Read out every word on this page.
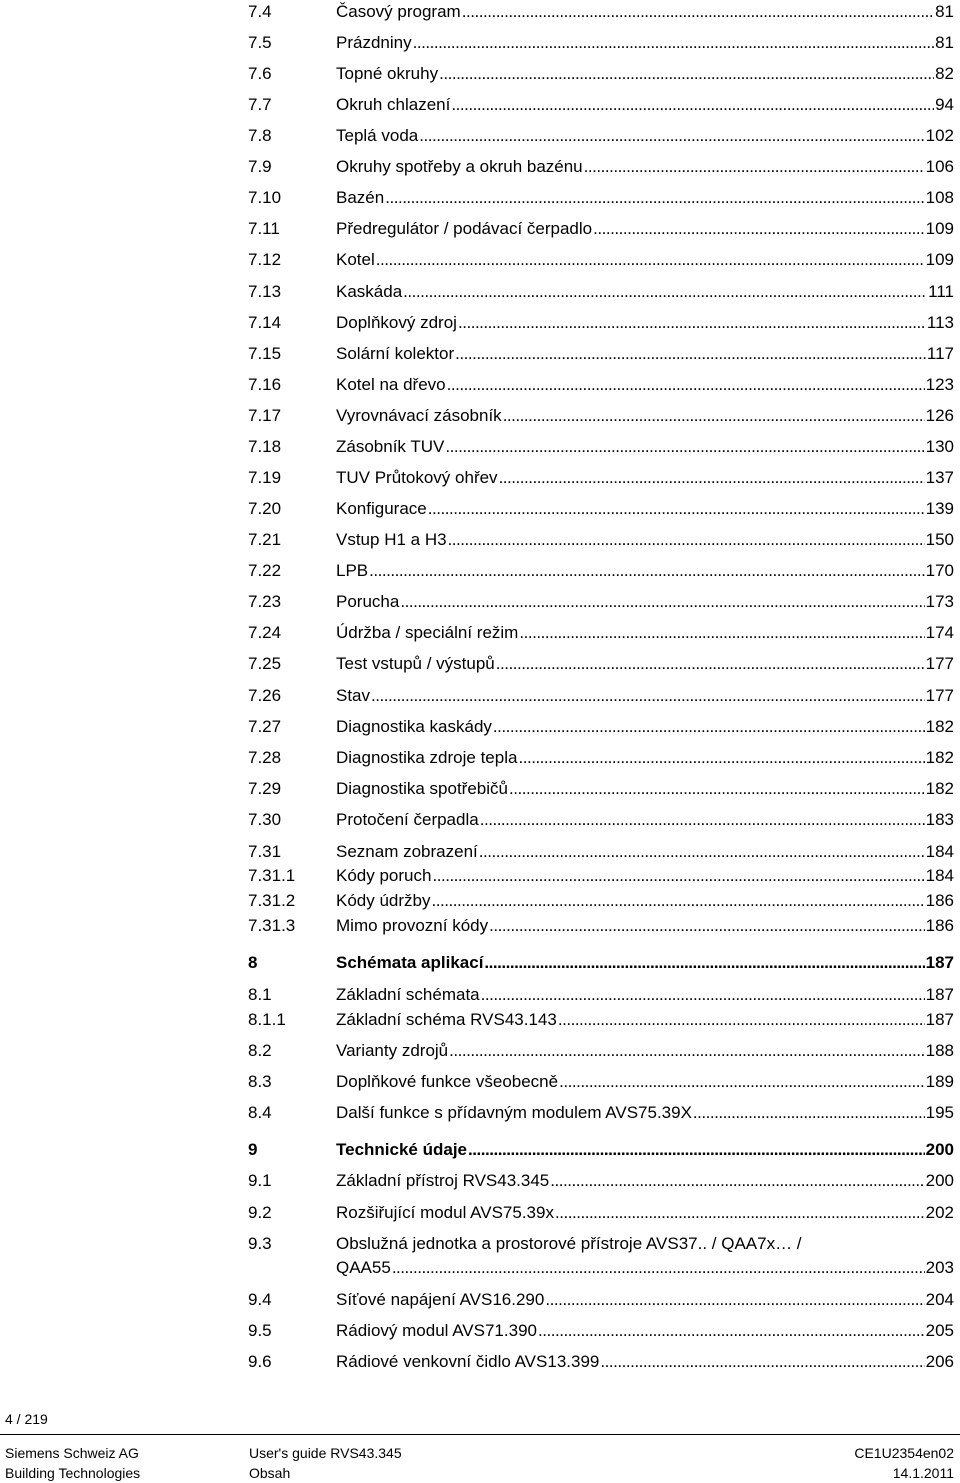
7.4	Časový program . . .	81
7.5	Prázdniny . . .	81
7.6	Topné okruhy . . .	82
7.7	Okruh chlazení . . .	94
7.8	Teplá voda . . .	102
7.9	Okruhy spotřeby a okruh bazénu . . .	106
7.10	Bazén . . .	108
7.11	Předregulátor / podávací čerpadlo . . .	109
7.12	Kotel . . .	109
7.13	Kaskáda . . .	111
7.14	Doplňkový zdroj . . .	113
7.15	Solární kolektor . . .	117
7.16	Kotel na dřevo . . .	123
7.17	Vyrovnávací zásobník . . .	126
7.18	Zásobník TUV . . .	130
7.19	TUV Průtokový ohřev . . .	137
7.20	Konfigurace . . .	139
7.21	Vstup H1 a H3 . . .	150
7.22	LPB . . .	170
7.23	Porucha . . .	173
7.24	Údržba / speciální režim . . .	174
7.25	Test vstupů / výstupů . . .	177
7.26	Stav . . .	177
7.27	Diagnostika kaskády . . .	182
7.28	Diagnostika zdroje tepla . . .	182
7.29	Diagnostika spotřebičů . . .	182
7.30	Protočení čerpadla . . .	183
7.31	Seznam zobrazení . . .	184
7.31.1 Kódy poruch . . .	184
7.31.2 Kódy údržby . . .	186
7.31.3 Mimo provozní kódy . . .	186
8	Schémata aplikací . . .	187
8.1	Základní schémata . . .	187
8.1.1	Základní schéma RVS43.143 . . .	187
8.2	Varianty zdrojů . . .	188
8.3	Doplňkové funkce všeobecně . . .	189
8.4	Další funkce s přídavným modulem AVS75.39X . . .	195
9	Technické údaje . . .	200
9.1	Základní přístroj RVS43.345 . . .	200
9.2	Rozšiřující modul AVS75.39x . . .	202
9.3	Obslužná jednotka a prostorové přístroje AVS37.. / QAA7x… /
QAA55 . . .	203
9.4	Síťové napájení AVS16.290 . . .	204
9.5	Rádiový modul AVS71.390 . . .	205
9.6	Rádiové venkovní čidlo AVS13.399 . . .	206
4 / 219
Siemens Schweiz AG
Building Technologies
User's guide RVS43.345
Obsah
CE1U2354en02
14.1.2011
